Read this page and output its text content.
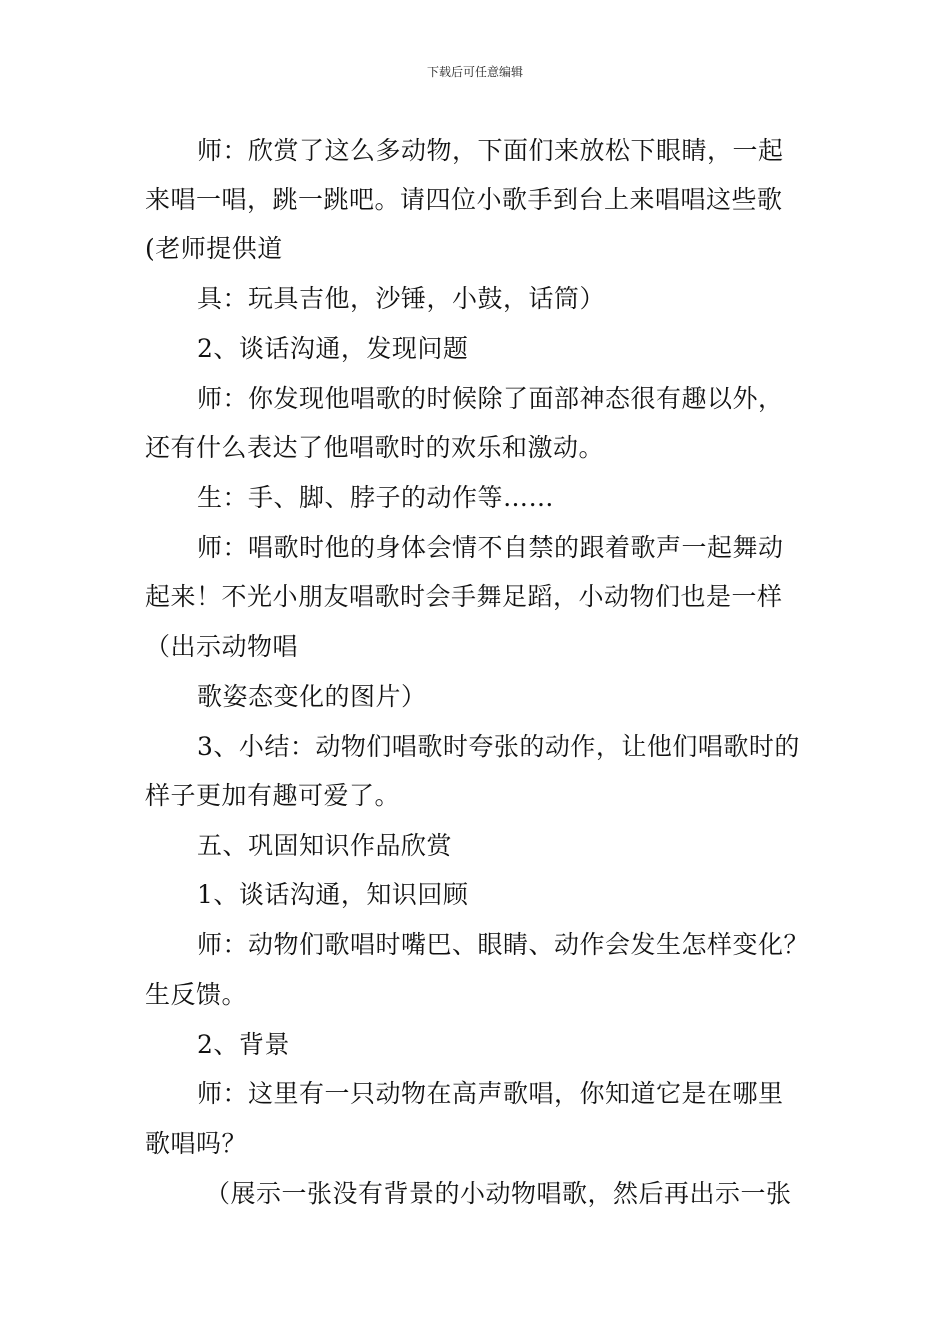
下载后可任意编辑
师：欣赏了这么多动物，下面们来放松下眼睛，一起
来唱一唱，跳一跳吧。请四位小歌手到台上来唱唱这些歌
(老师提供道
具：玩具吉他，沙锤，小鼓，话筒）
2、谈话沟通，发现问题
师：你发现他唱歌的时候除了面部神态很有趣以外，
还有什么表达了他唱歌时的欢乐和激动。
生：手、脚、脖子的动作等……
师：唱歌时他的身体会情不自禁的跟着歌声一起舞动
起来！不光小朋友唱歌时会手舞足蹈，小动物们也是一样
（出示动物唱
歌姿态变化的图片）
3、小结：动物们唱歌时夸张的动作，让他们唱歌时的
样子更加有趣可爱了。
五、巩固知识作品欣赏
1、谈话沟通，知识回顾
师：动物们歌唱时嘴巴、眼睛、动作会发生怎样变化？
生反馈。
2、背景
师：这里有一只动物在高声歌唱，你知道它是在哪里
歌唱吗？
（展示一张没有背景的小动物唱歌，然后再出示一张
